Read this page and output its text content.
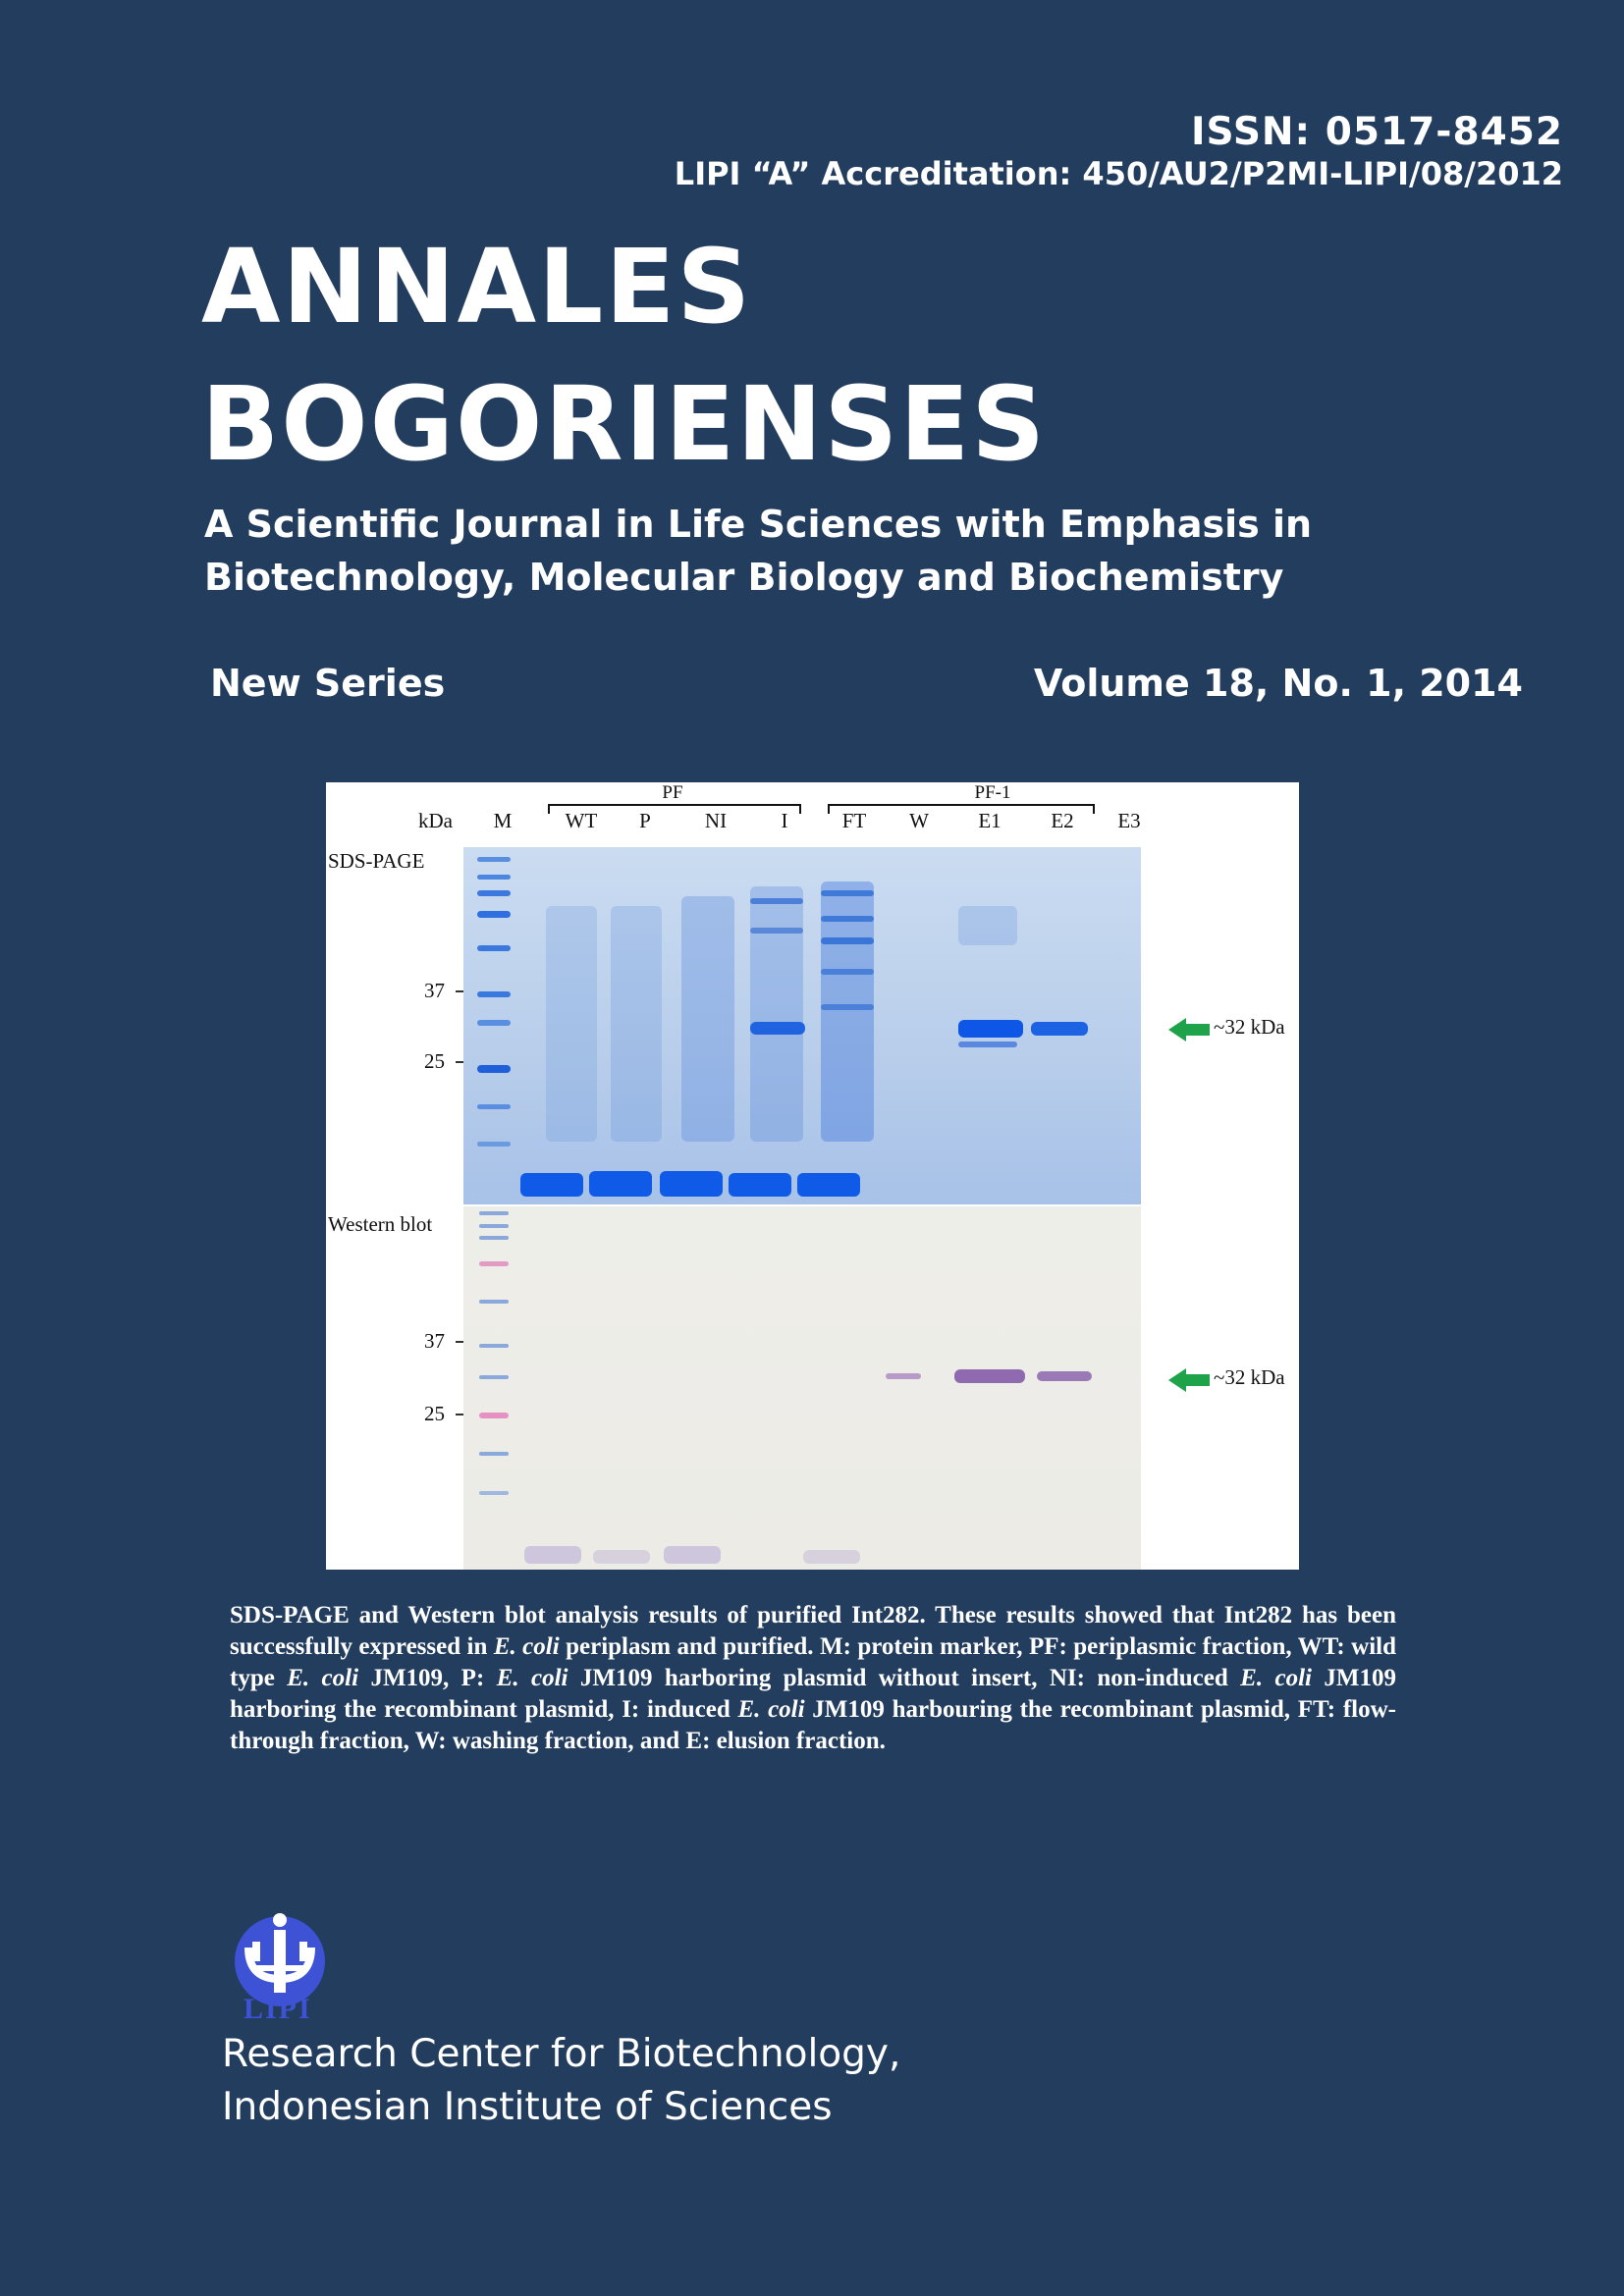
ISSN: 0517-8452
LIPI “A” Accreditation: 450/AU2/P2MI-LIPI/08/2012
ANNALES
BOGORIENSES
A Scientific Journal in Life Sciences with Emphasis in
Biotechnology, Molecular Biology and Biochemistry
New Series	Volume 18, No. 1, 2014
PF	PF-1
kDa M	WT P	NI	I	FT W E1 E2 E3
SDS-PAGE
37
25
~32 kDa
Western blot
37
25
~32 kDa
SDS-PAGE and Western blot analysis results of purified Int282. These results showed that Int282 has been successfully expressed in E. coli periplasm and purified. M: protein marker, PF: periplasmic fraction, WT: wild type E. coli JM109, P: E. coli JM109 harboring plasmid without insert, NI: non-induced E. coli JM109 harboring the recombinant plasmid, I: induced E. coli JM109 harbouring the recombinant plasmid, FT: flow-through fraction, W: washing fraction, and E: elusion fraction.
LIPI
Research Center for Biotechnology,
Indonesian Institute of Sciences
